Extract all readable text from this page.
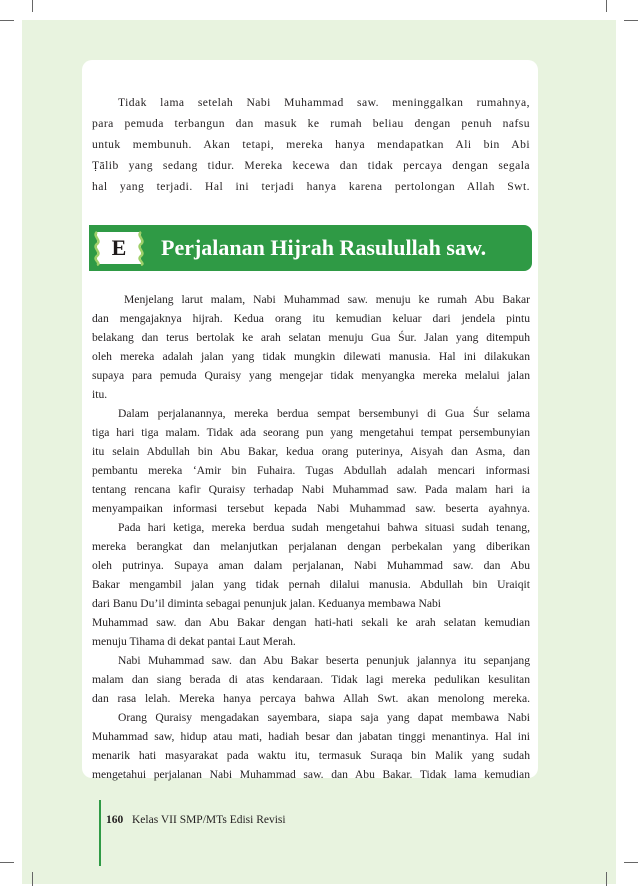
Tidak lama setelah Nabi Muhammad saw. meninggalkan rumahnya,
para pemuda terbangun dan masuk ke rumah beliau dengan penuh nafsu
untuk membunuh. Akan tetapi, mereka hanya mendapatkan Ali bin Abi
Ṭālib yang sedang tidur. Mereka kecewa dan tidak percaya dengan segala
hal yang terjadi. Hal ini terjadi hanya karena pertolongan Allah Swt.
E Perjalanan Hijrah Rasulullah saw.
Menjelang larut malam, Nabi Muhammad saw. menuju ke rumah Abu Bakar
dan mengajaknya hijrah. Kedua orang itu kemudian keluar dari jendela pintu
belakang dan terus bertolak ke arah selatan menuju Gua Śur. Jalan yang ditempuh
oleh mereka adalah jalan yang tidak mungkin dilewati manusia. Hal ini dilakukan
supaya para pemuda Quraisy yang mengejar tidak menyangka mereka melalui jalan
itu.
Dalam perjalanannya, mereka berdua sempat bersembunyi di Gua Śur selama
tiga hari tiga malam. Tidak ada seorang pun yang mengetahui tempat persembunyian
itu selain Abdullah bin Abu Bakar, kedua orang puterinya, Aisyah dan Asma, dan
pembantu mereka ‘Amir bin Fuhaira. Tugas Abdullah adalah mencari informasi
tentang rencana kafir Quraisy terhadap Nabi Muhammad saw. Pada malam hari ia
menyampaikan informasi tersebut kepada Nabi Muhammad saw. beserta ayahnya.
Pada hari ketiga, mereka berdua sudah mengetahui bahwa situasi sudah tenang,
mereka berangkat dan melanjutkan perjalanan dengan perbekalan yang diberikan
oleh putrinya. Supaya aman dalam perjalanan, Nabi Muhammad saw. dan Abu
Bakar mengambil jalan yang tidak pernah dilalui manusia. Abdullah bin Uraiqit
dari Banu Du’il diminta sebagai penunjuk jalan. Keduanya membawa Nabi
Muhammad saw. dan Abu Bakar dengan hati-hati sekali ke arah selatan kemudian
menuju Tihama di dekat pantai Laut Merah.
Nabi Muhammad saw. dan Abu Bakar beserta penunjuk jalannya itu sepanjang
malam dan siang berada di atas kendaraan. Tidak lagi mereka pedulikan kesulitan
dan rasa lelah. Mereka hanya percaya bahwa Allah Swt. akan menolong mereka.
Orang Quraisy mengadakan sayembara, siapa saja yang dapat membawa Nabi
Muhammad saw, hidup atau mati, hadiah besar dan jabatan tinggi menantinya. Hal ini
menarik hati masyarakat pada waktu itu, termasuk Suraqa bin Malik yang sudah
mengetahui perjalanan Nabi Muhammad saw. dan Abu Bakar. Tidak lama kemudian
160 Kelas VII SMP/MTs Edisi Revisi
